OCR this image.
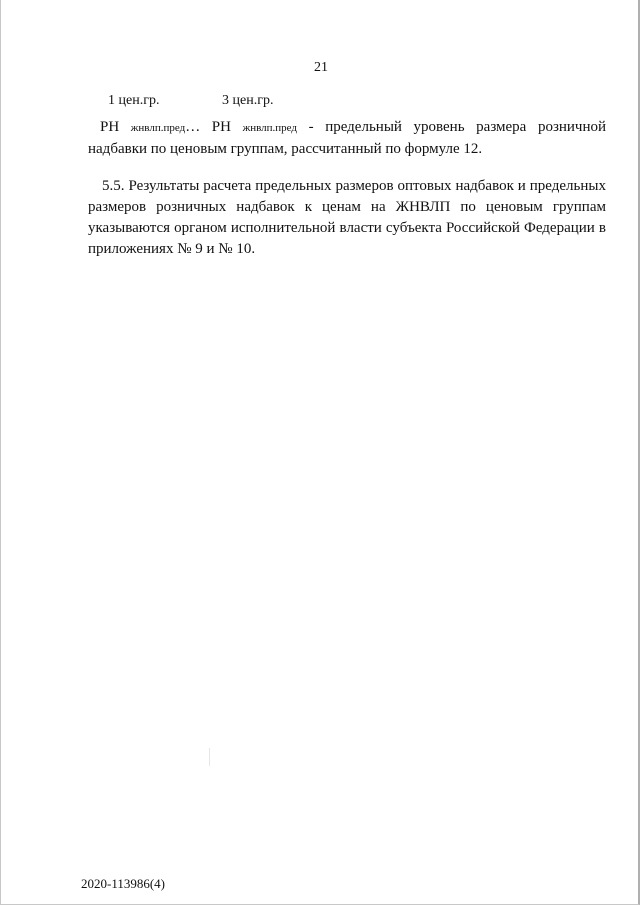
21
1 цен.гр.	3 цен.гр.
РН жнвлп.пред… РН жнвлп.пред - предельный уровень размера розничной
надбавки по ценовым группам, рассчитанный по формуле 12.
5.5. Результаты расчета предельных размеров оптовых надбавок и предельных
размеров розничных надбавок к ценам на ЖНВЛП по ценовым группам
указываются органом исполнительной власти субъекта Российской Федерации в
приложениях № 9 и № 10.
2020-113986(4)
